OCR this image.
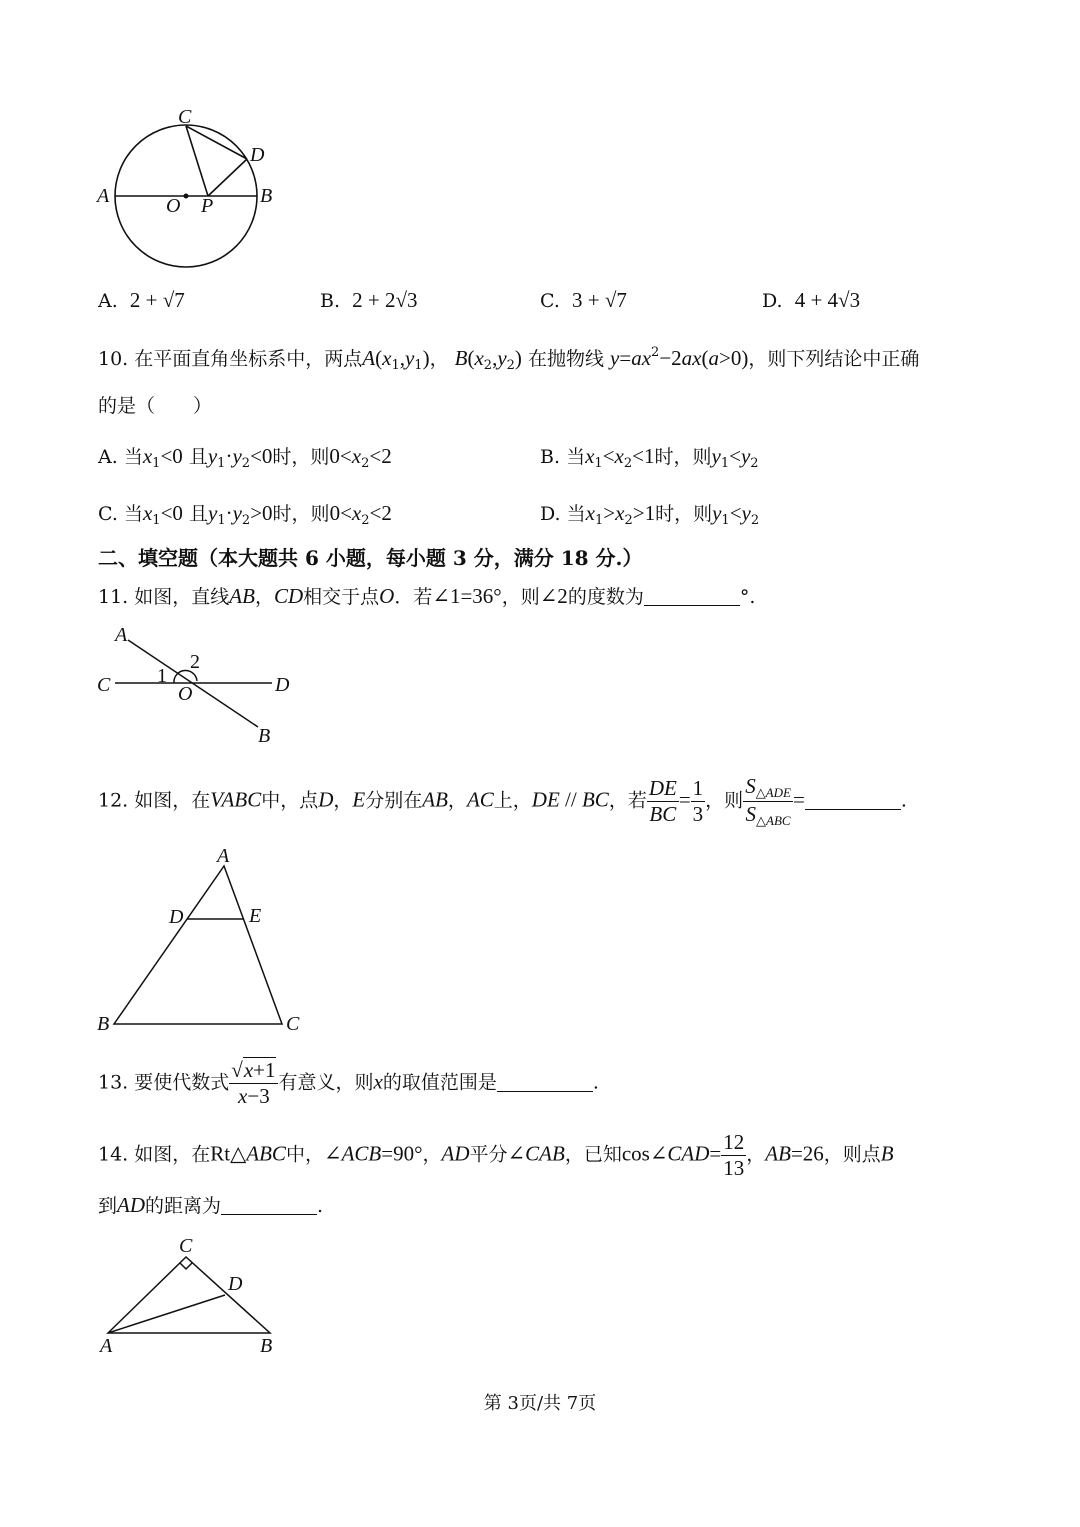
C
D
A	O P B
A
2
1
C	O	D
B
A
D	E
B	C
C
D
A	B
A. 2 + √7	B. 2 + 2√3	C. 3 + √7	D. 4 + 4√3
10. 在平面直角坐标系中，两点$A(x_1,y_1)$， $B(x_2,y_2)$ 在抛物线 $y=ax^2-2ax(a>0)$，则下列结论中正确
的是（　　）
A. 当$x_1<0$ 且$y_1\cdot y_2<0$时，则$0<x_2<2$	B. 当$x_1<x_2<1$时，则$y_1<y_2$
C. 当$x_1<0$ 且$y_1\cdot y_2>0$时，则$0<x_2<2$	D. 当$x_1>x_2>1$时，则$y_1<y_2$
二、填空题（本大题共 6 小题，每小题 3 分，满分 18 分.）
11. 如图，直线AB，CD相交于点O．若∠1=36°，则∠2的度数为	°.
12. 如图，在VABC中，点D，E分别在AB，AC上，DE // BC，若 $\frac{DE}{BC} = \frac{1}{3}$ ，则 $\frac{S_{\triangle ADE}}{S_{\triangle ABC}}$ =	.
13. 要使代数式 $\frac{√x+1}{x-3}$ 有意义，则x的取值范围是	.
14. 如图，在Rt△ABC中，∠ACB=90°，AD平分∠CAB，已知cos∠CAD= $\frac{12}{13}$ ，AB=26，则点B
到AD的距离为	.
第 3页/共 7页
